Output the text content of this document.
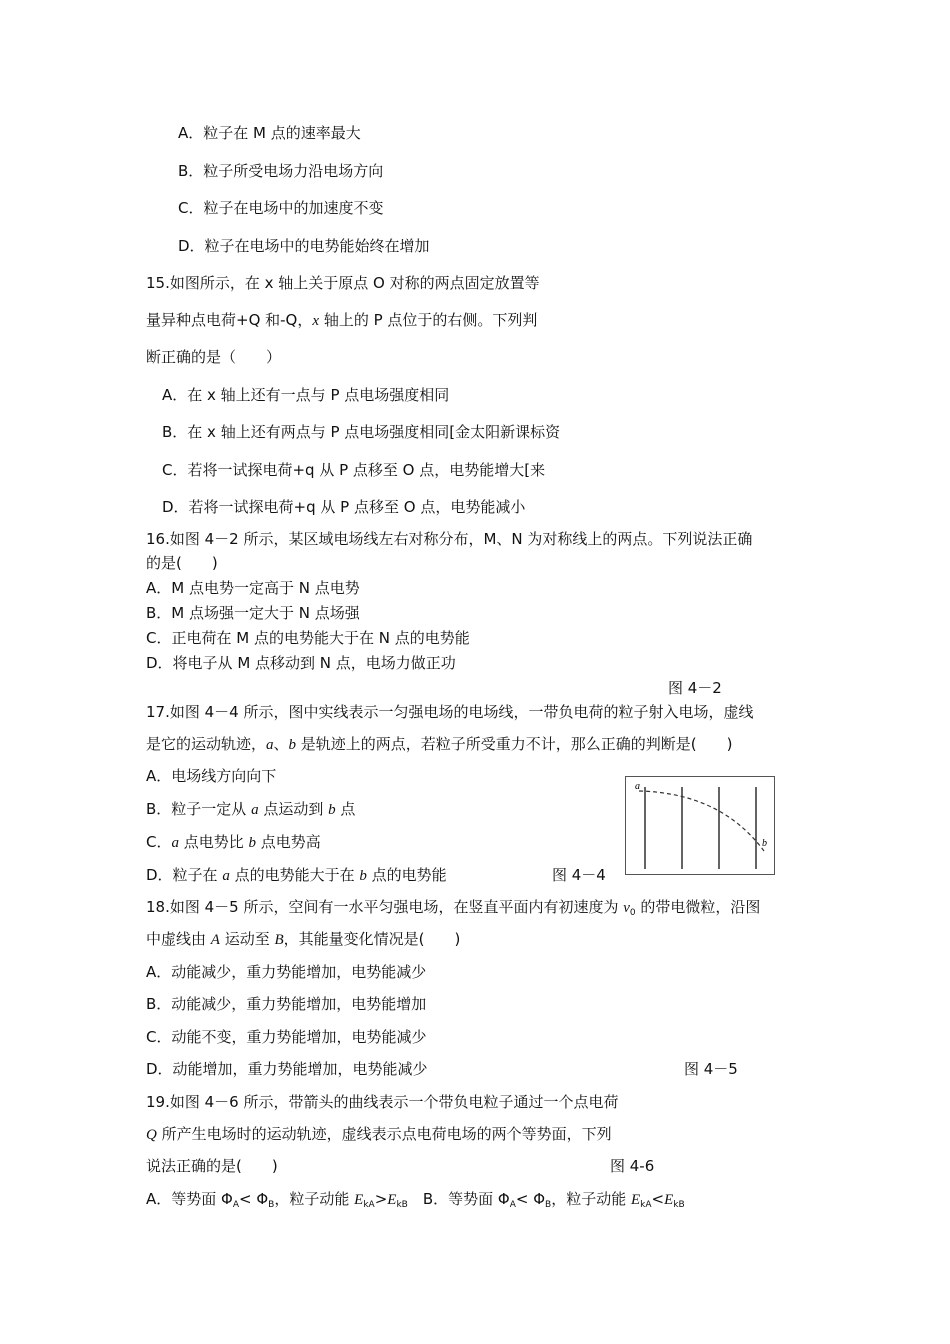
A．粒子在 M 点的速率最大
B．粒子所受电场力沿电场方向
C．粒子在电场中的加速度不变
D．粒子在电场中的电势能始终在增加
15.如图所示，在 x 轴上关于原点 O 对称的两点固定放置等
量异种点电荷+Q 和-Q，x 轴上的 P 点位于的右侧。下列判
断正确的是（　　）
A．在 x 轴上还有一点与 P 点电场强度相同
B．在 x 轴上还有两点与 P 点电场强度相同[金太阳新课标资
C．若将一试探电荷+q 从 P 点移至 O 点，电势能增大[来
D．若将一试探电荷+q 从 P 点移至 O 点，电势能减小
16.如图 4－2 所示，某区域电场线左右对称分布，M、N 为对称线上的两点。下列说法正确
的是(　　)
A．M 点电势一定高于 N 点电势
B．M 点场强一定大于 N 点场强
C．正电荷在 M 点的电势能大于在 N 点的电势能
D．将电子从 M 点移动到 N 点，电场力做正功
图 4－2
17.如图 4－4 所示，图中实线表示一匀强电场的电场线，一带负电荷的粒子射入电场，虚线
是它的运动轨迹，a、b 是轨迹上的两点，若粒子所受重力不计，那么正确的判断是(　　)
A．电场线方向向下
B．粒子一定从 a 点运动到 b 点
C．a 点电势比 b 点电势高
D．粒子在 a 点的电势能大于在 b 点的电势能	图 4－4
a
b
18.如图 4－5 所示，空间有一水平匀强电场，在竖直平面内有初速度为 $v_0$ 的带电微粒，沿图
中虚线由 A 运动至 B，其能量变化情况是(　　)
A．动能减少，重力势能增加，电势能减少
B．动能减少，重力势能增加，电势能增加
C．动能不变，重力势能增加，电势能减少
D．动能增加，重力势能增加，电势能减少	图 4－5
19.如图 4－6 所示，带箭头的曲线表示一个带负电粒子通过一个点电荷
Q 所产生电场时的运动轨迹，虚线表示点电荷电场的两个等势面，下列
说法正确的是(　　)	图 4-6
A．等势面 $\Phi_A< \Phi_B$，粒子动能 $E_{kA}>E_{kB}$　B．等势面 $\Phi_A< \Phi_B$，粒子动能 $E_{kA}<E_{kB}$
